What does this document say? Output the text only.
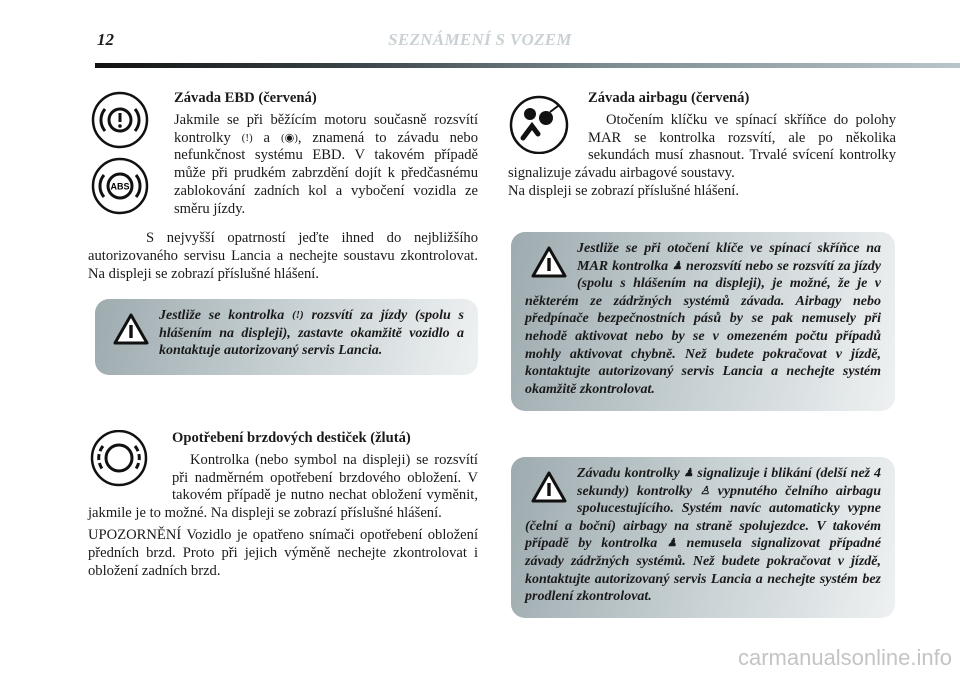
12	SEZNÁMENÍ S VOZEM
ABS

Závada EBD (červená)

Jakmile se při běžícím motoru současně rozsvítí kontrolky (!) a (◉), znamená to závadu nebo nefunkčnost systému EBD. V takovém případě může při prudkém zabrzdění dojít k předčasnému zablokování zadních kol a vybočení vozidla ze směru jízdy.

S nejvyšší opatrností jeďte ihned do nejbližšího autorizovaného servisu Lancia a nechejte soustavu zkontrolovat. Na displeji se zobrazí příslušné hlášení.

Jestliže se kontrolka (!) rozsvítí za jízdy (spolu s hlášením na displeji), zastavte okamžitě vozidlo a kontaktuje autorizovaný servis Lancia.

Opotřebení brzdových destiček (žlutá)

Kontrolka (nebo symbol na displeji) se rozsvítí při nadměrném opotřebení brzdového obložení. V takovém případě je nutno nechat obložení vyměnit, jakmile je to možné. Na displeji se zobrazí příslušné hlášení.

UPOZORNĚNÍ Vozidlo je opatřeno snímači opotřebení obložení předních brzd. Proto při jejich výměně nechejte zkontrolovat i obložení zadních brzd.

Závada airbagu (červená)

Otočením klíčku ve spínací skříňce do polohy MAR se kontrolka rozsvítí, ale po několika sekundách musí zhasnout. Trvalé svícení kontrolky signalizuje závadu airbagové soustavy.

Na displeji se zobrazí příslušné hlášení.

Jestliže se při otočení klíče ve spínací skříňce na MAR kontrolka ♟ nerozsvítí nebo se rozsvítí za jízdy (spolu s hlášením na displeji), je možné, že je v některém ze zádržných systémů závada. Airbagy nebo předpínače bezpečnostních pásů by se pak nemusely při nehodě aktivovat nebo by se v omezeném počtu případů mohly aktivovat chybně. Než budete pokračovat v jízdě, kontaktujte autorizovaný servis Lancia a nechejte systém okamžitě zkontrolovat.
Závadu kontrolky ♟ signalizuje i blikání (delší než 4 sekundy) kontrolky ♙ vypnutého čelního airbagu spolucestujícího. Systém navíc automaticky vypne (čelní a boční) airbagy na straně spolujezdce. V takovém případě by kontrolka ♟ nemusela signalizovat případné závady zádržných systémů. Než budete pokračovat v jízdě, kontaktujte autorizovaný servis Lancia a nechejte systém bez prodlení zkontrolovat.
carmanualsonline.info
